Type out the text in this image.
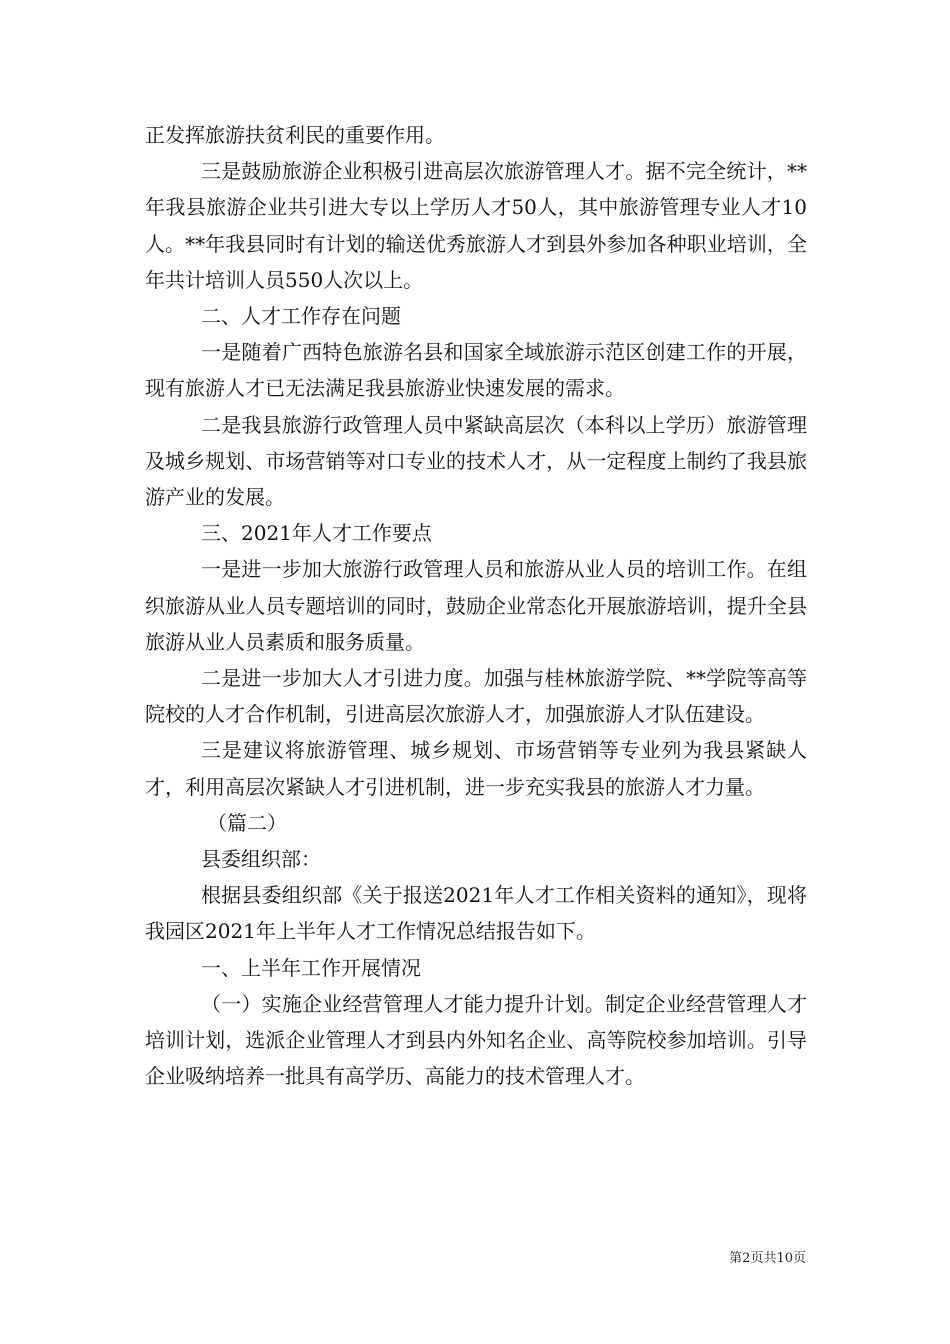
正发挥旅游扶贫利民的重要作用。

三是鼓励旅游企业积极引进高层次旅游管理人才。据不完全统计，**年我县旅游企业共引进大专以上学历人才50人，其中旅游管理专业人才10人。**年我县同时有计划的输送优秀旅游人才到县外参加各种职业培训，全年共计培训人员550人次以上。

二、人才工作存在问题

一是随着广西特色旅游名县和国家全域旅游示范区创建工作的开展，现有旅游人才已无法满足我县旅游业快速发展的需求。

二是我县旅游行政管理人员中紧缺高层次（本科以上学历）旅游管理及城乡规划、市场营销等对口专业的技术人才，从一定程度上制约了我县旅游产业的发展。

三、2021年人才工作要点

一是进一步加大旅游行政管理人员和旅游从业人员的培训工作。在组织旅游从业人员专题培训的同时，鼓励企业常态化开展旅游培训，提升全县旅游从业人员素质和服务质量。

二是进一步加大人才引进力度。加强与桂林旅游学院、**学院等高等院校的人才合作机制，引进高层次旅游人才，加强旅游人才队伍建设。

三是建议将旅游管理、城乡规划、市场营销等专业列为我县紧缺人才，利用高层次紧缺人才引进机制，进一步充实我县的旅游人才力量。

（篇二）

县委组织部：

根据县委组织部《关于报送2021年人才工作相关资料的通知》，现将我园区2021年上半年人才工作情况总结报告如下。

一、上半年工作开展情况

（一）实施企业经营管理人才能力提升计划。制定企业经营管理人才培训计划，选派企业管理人才到县内外知名企业、高等院校参加培训。引导企业吸纳培养一批具有高学历、高能力的技术管理人才。

第2页共10页
